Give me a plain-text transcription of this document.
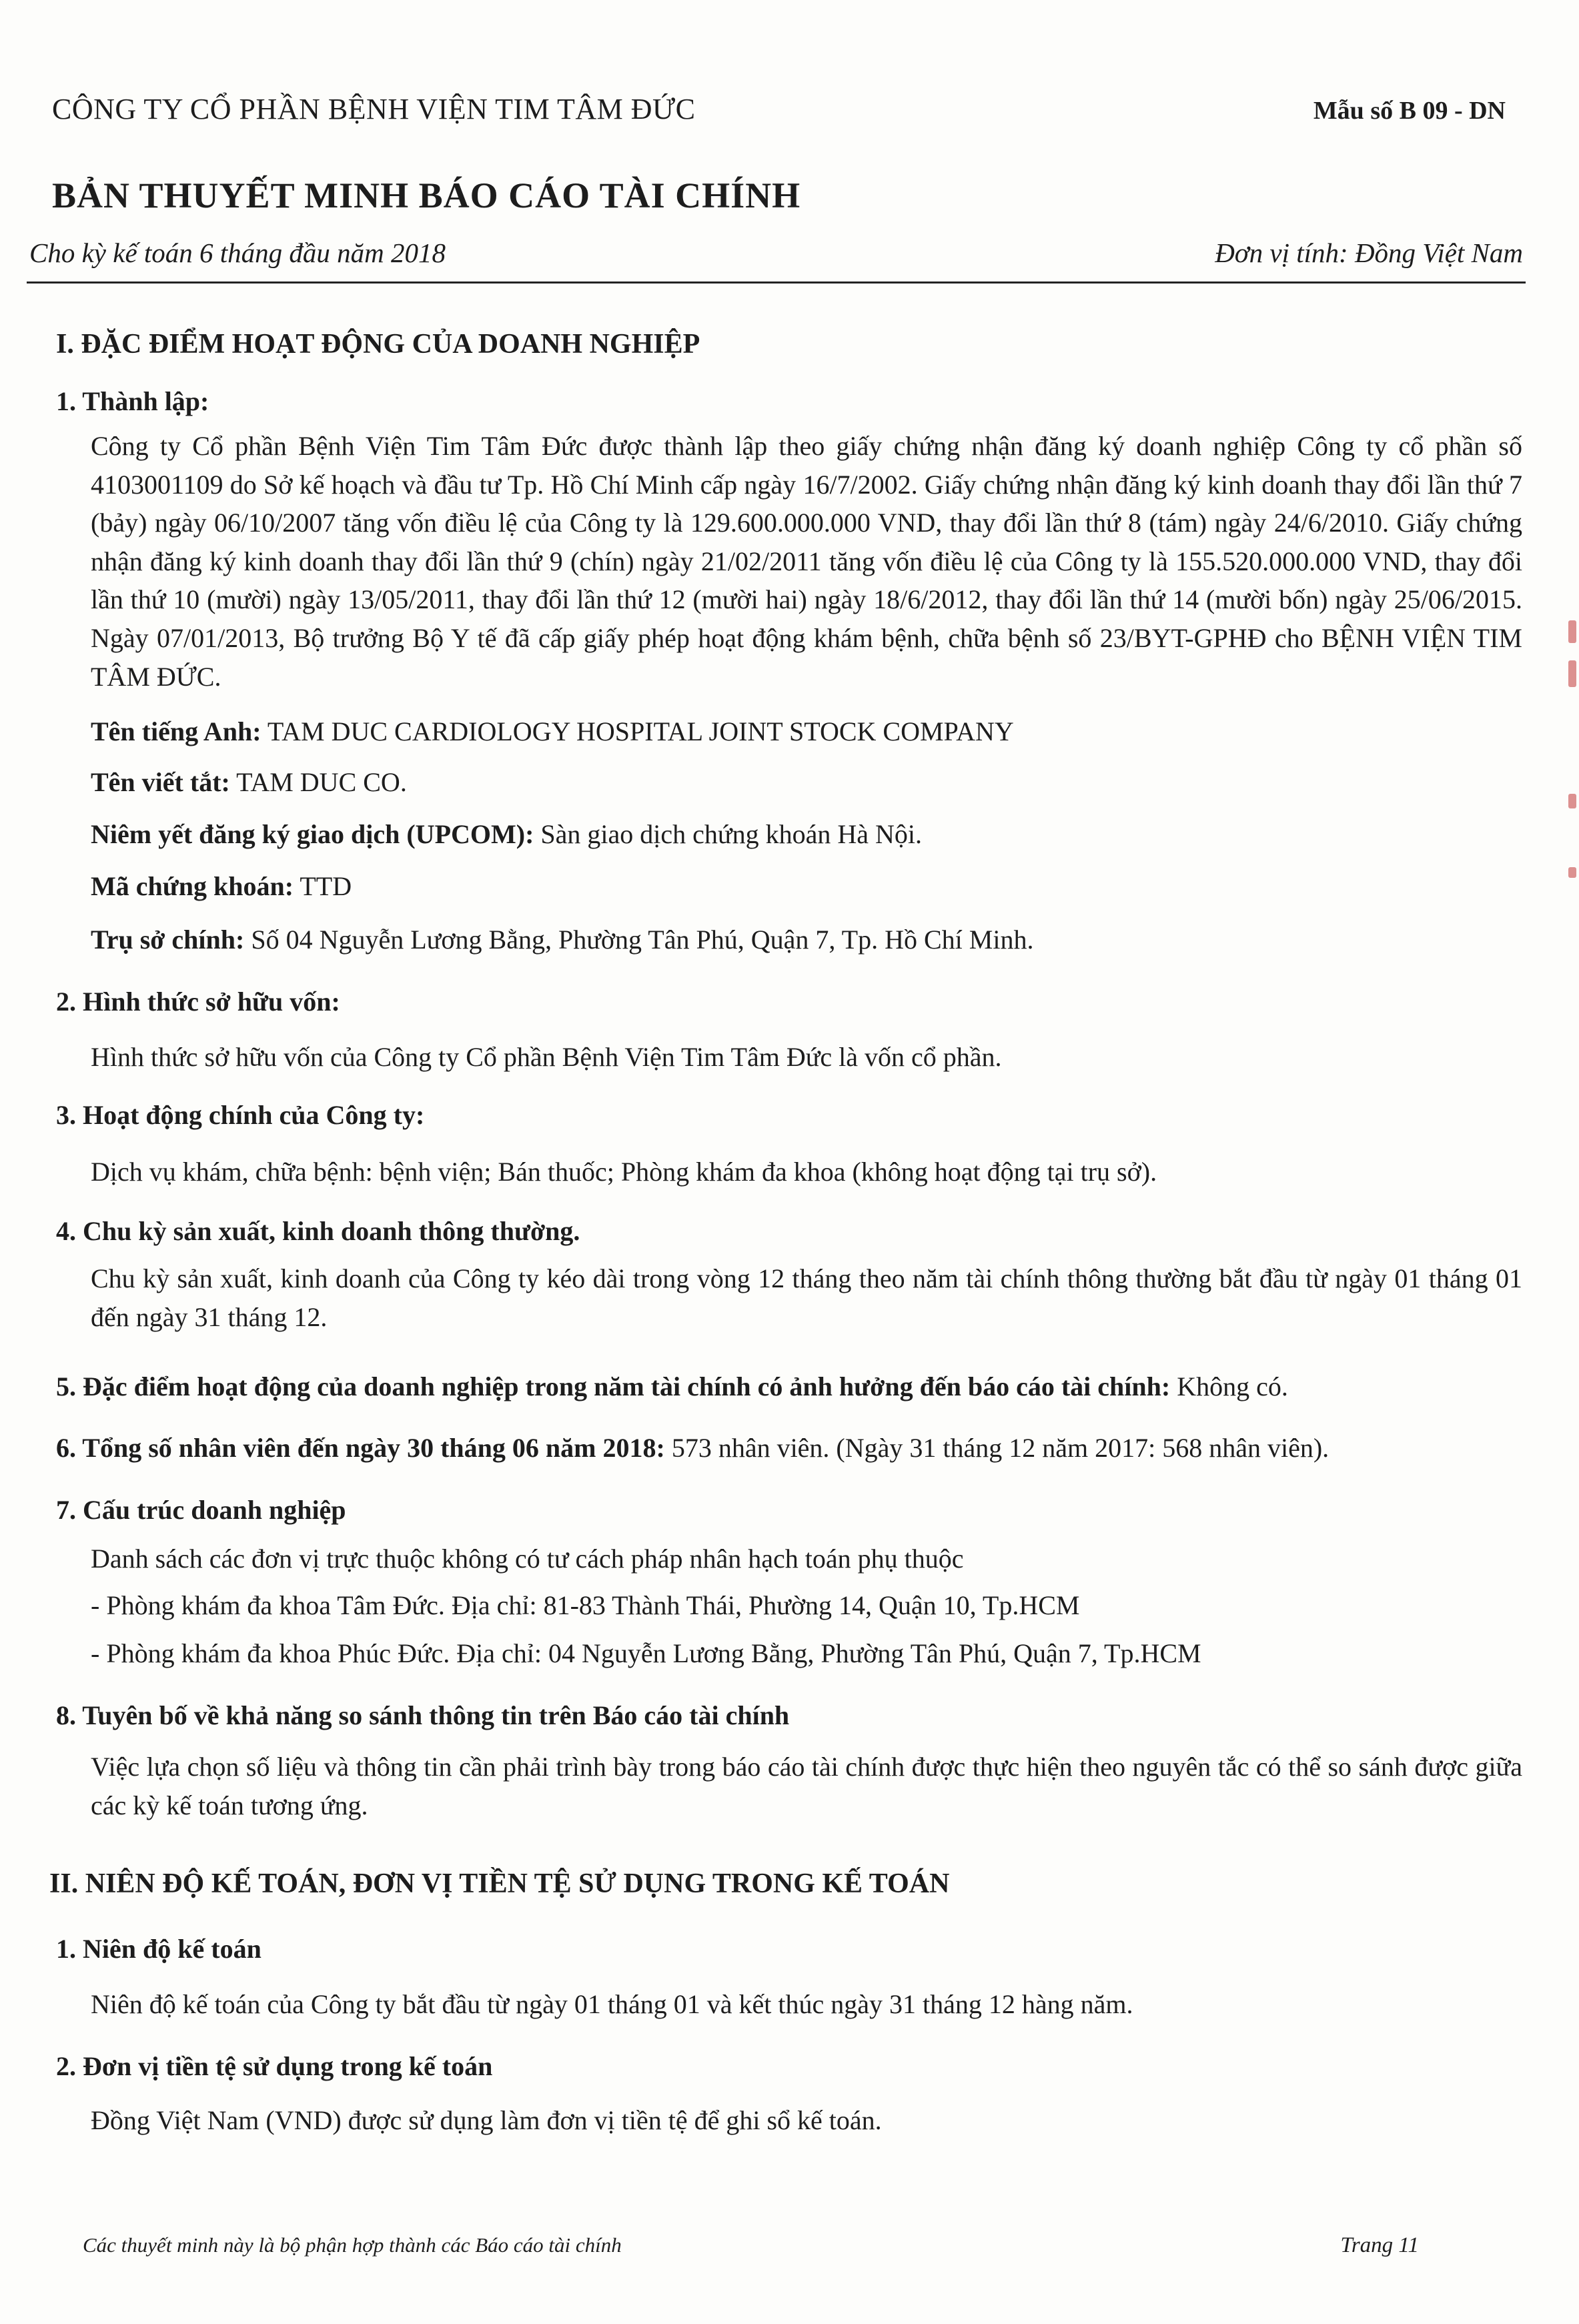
CÔNG TY CỔ PHẦN BỆNH VIỆN TIM TÂM ĐỨC	Mẫu số B 09 - DN
BẢN THUYẾT MINH BÁO CÁO TÀI CHÍNH
Cho kỳ kế toán 6 tháng đầu năm 2018	Đơn vị tính: Đồng Việt Nam
I. ĐẶC ĐIỂM HOẠT ĐỘNG CỦA DOANH NGHIỆP
1. Thành lập:
Công ty Cổ phần Bệnh Viện Tim Tâm Đức được thành lập theo giấy chứng nhận đăng ký doanh nghiệp Công ty cổ phần số 4103001109 do Sở kế hoạch và đầu tư Tp. Hồ Chí Minh cấp ngày 16/7/2002. Giấy chứng nhận đăng ký kinh doanh thay đổi lần thứ 7 (bảy) ngày 06/10/2007 tăng vốn điều lệ của Công ty là 129.600.000.000 VND, thay đổi lần thứ 8 (tám) ngày 24/6/2010. Giấy chứng nhận đăng ký kinh doanh thay đổi lần thứ 9 (chín) ngày 21/02/2011 tăng vốn điều lệ của Công ty là 155.520.000.000 VND, thay đổi lần thứ 10 (mười) ngày 13/05/2011, thay đổi lần thứ 12 (mười hai) ngày 18/6/2012, thay đổi lần thứ 14 (mười bốn) ngày 25/06/2015. Ngày 07/01/2013, Bộ trưởng Bộ Y tế đã cấp giấy phép hoạt động khám bệnh, chữa bệnh số 23/BYT-GPHĐ cho BỆNH VIỆN TIM TÂM ĐỨC.
Tên tiếng Anh: TAM DUC CARDIOLOGY HOSPITAL JOINT STOCK COMPANY
Tên viết tắt: TAM DUC CO.
Niêm yết đăng ký giao dịch (UPCOM): Sàn giao dịch chứng khoán Hà Nội.
Mã chứng khoán: TTD
Trụ sở chính: Số 04 Nguyễn Lương Bằng, Phường Tân Phú, Quận 7, Tp. Hồ Chí Minh.
2. Hình thức sở hữu vốn:
Hình thức sở hữu vốn của Công ty Cổ phần Bệnh Viện Tim Tâm Đức là vốn cổ phần.
3. Hoạt động chính của Công ty:
Dịch vụ khám, chữa bệnh: bệnh viện; Bán thuốc; Phòng khám đa khoa (không hoạt động tại trụ sở).
4. Chu kỳ sản xuất, kinh doanh thông thường.
Chu kỳ sản xuất, kinh doanh của Công ty kéo dài trong vòng 12 tháng theo năm tài chính thông thường bắt đầu từ ngày 01 tháng 01 đến ngày 31 tháng 12.
5. Đặc điểm hoạt động của doanh nghiệp trong năm tài chính có ảnh hưởng đến báo cáo tài chính: Không có.
6. Tổng số nhân viên đến ngày 30 tháng 06 năm 2018: 573 nhân viên. (Ngày 31 tháng 12 năm 2017: 568 nhân viên).
7. Cấu trúc doanh nghiệp
Danh sách các đơn vị trực thuộc không có tư cách pháp nhân hạch toán phụ thuộc
- Phòng khám đa khoa Tâm Đức. Địa chỉ: 81-83 Thành Thái, Phường 14, Quận 10, Tp.HCM
- Phòng khám đa khoa Phúc Đức. Địa chỉ: 04 Nguyễn Lương Bằng, Phường Tân Phú, Quận 7, Tp.HCM
8. Tuyên bố về khả năng so sánh thông tin trên Báo cáo tài chính
Việc lựa chọn số liệu và thông tin cần phải trình bày trong báo cáo tài chính được thực hiện theo nguyên tắc có thể so sánh được giữa các kỳ kế toán tương ứng.
II. NIÊN ĐỘ KẾ TOÁN, ĐƠN VỊ TIỀN TỆ SỬ DỤNG TRONG KẾ TOÁN
1. Niên độ kế toán
Niên độ kế toán của Công ty bắt đầu từ ngày 01 tháng 01 và kết thúc ngày 31 tháng 12 hàng năm.
2. Đơn vị tiền tệ sử dụng trong kế toán
Đồng Việt Nam (VND) được sử dụng làm đơn vị tiền tệ để ghi sổ kế toán.
Các thuyết minh này là bộ phận hợp thành các Báo cáo tài chính	Trang 11
